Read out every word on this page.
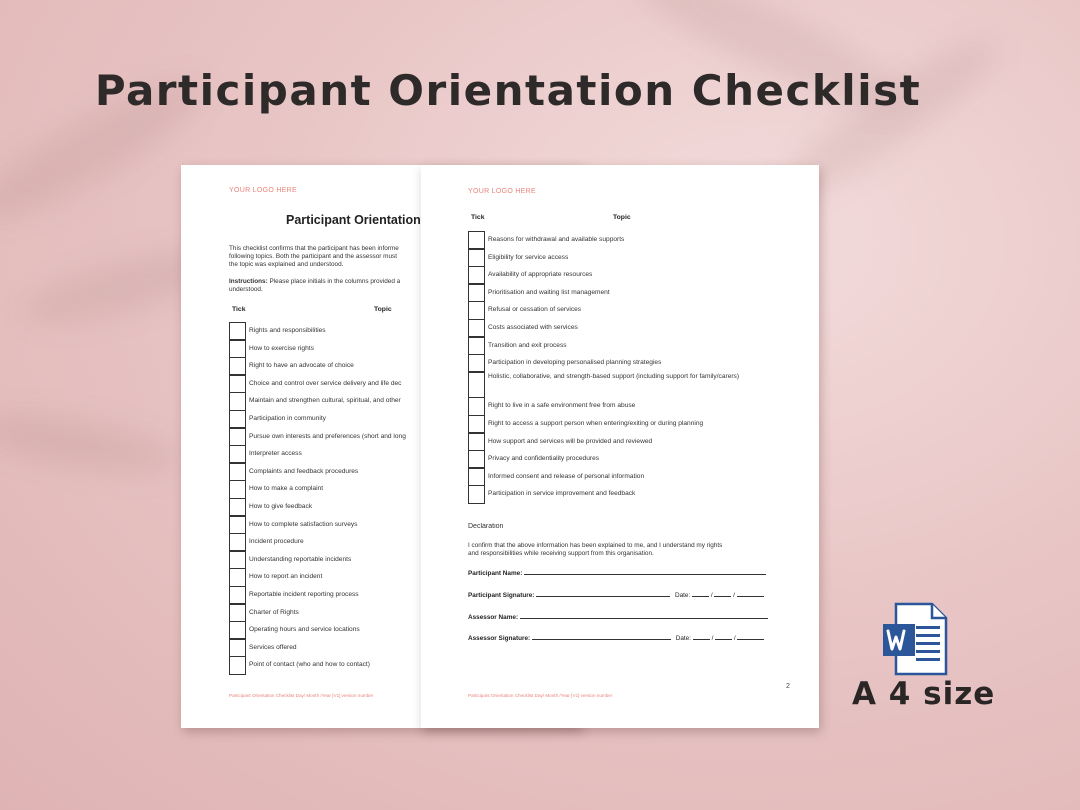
Participant Orientation Checklist
YOUR LOGO HERE
Participant Orientation
This checklist confirms that the participant has been informe
following topics. Both the participant and the assessor must
the topic was explained and understood.
Instructions: Please place initials in the columns provided a
understood.
Tick	Topic
Rights and responsibilities
How to exercise rights
Right to have an advocate of choice
Choice and control over service delivery and life dec
Maintain and strengthen cultural, spiritual, and other
Participation in community
Pursue own interests and preferences (short and long
Interpreter access
Complaints and feedback procedures
How to make a complaint
How to give feedback
How to complete satisfaction surveys
Incident procedure
Understanding reportable incidents
How to report an incident
Reportable incident reporting process
Charter of Rights
Operating hours and service locations
Services offered
Point of contact (who and how to contact)
Participant Orientation Checklist Day/ Month /Year [V1] version number
YOUR LOGO HERE
Tick	Topic
Reasons for withdrawal and available supports
Eligibility for service access
Availability of appropriate resources
Prioritisation and waiting list management
Refusal or cessation of services
Costs associated with services
Transition and exit process
Participation in developing personalised planning strategies
Holistic, collaborative, and strength-based support (including support for family/carers)
Right to live in a safe environment free from abuse
Right to access a support person when entering/exiting or during planning
How support and services will be provided and reviewed
Privacy and confidentiality procedures
Informed consent and release of personal information
Participation in service improvement and feedback
Declaration
I confirm that the above information has been explained to me, and I understand my rights
and responsibilities while receiving support from this organisation.
Participant Name:
Participant Signature:	Date:	/	/
Assessor Name:
Assessor Signature:	Date:	/	/
2
Participant Orientation Checklist Day/ Month /Year [V1] version number	A 4 size
